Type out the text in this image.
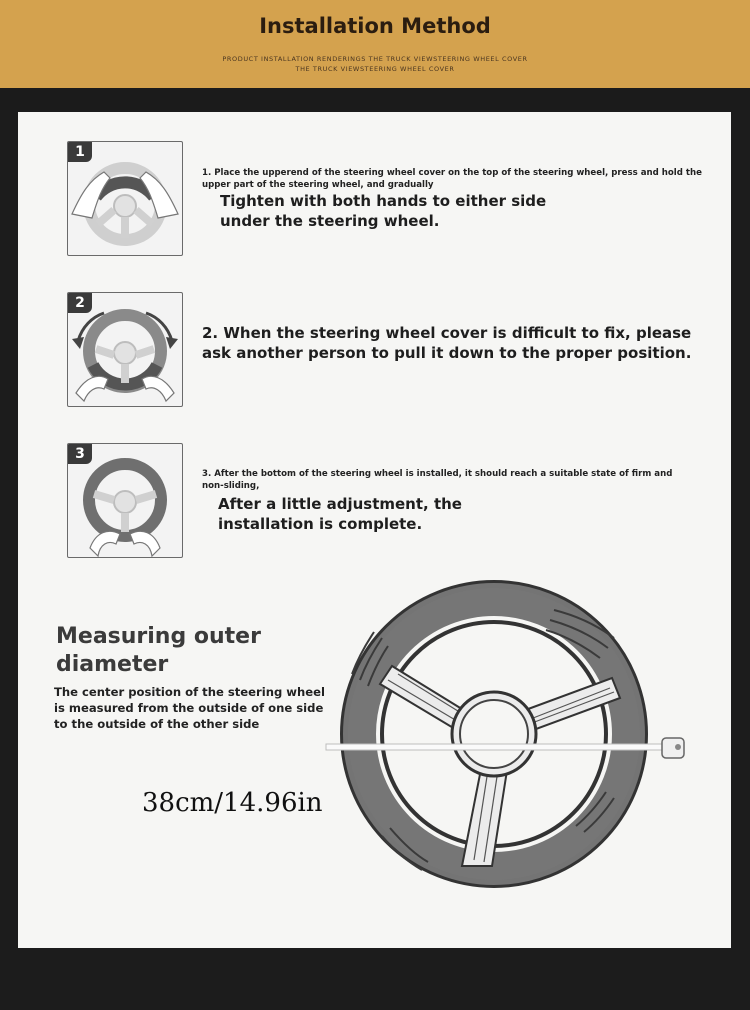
Installation Method
PRODUCT INSTALLATION RENDERINGS THE TRUCK VIEWSTEERING WHEEL COVER
THE TRUCK VIEWSTEERING WHEEL COVER
1
1. Place the upperend of the steering wheel cover on the top of the steering wheel, press and hold the upper part of the steering wheel, and gradually
Tighten with both hands to either side under the steering wheel.
2
2. When the steering wheel cover is difficult to fix, please ask another person to pull it down to the proper position.
3
3. After the bottom of the steering wheel is installed, it should reach a suitable state of firm and non-sliding,
After a little adjustment, the installation is complete.
Measuring outer diameter
The center position of the steering wheel is measured from the outside of one side to the outside of the other side
38cm/14.96in
